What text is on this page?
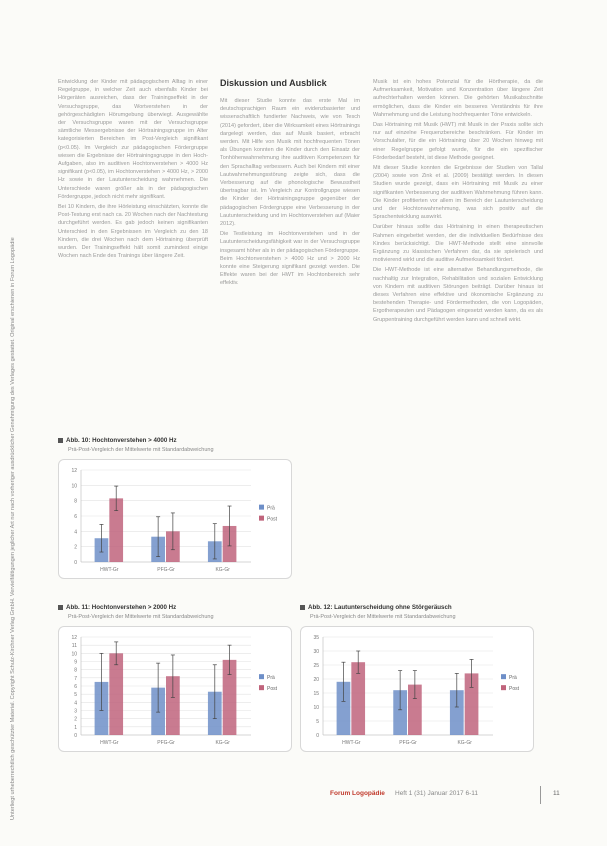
Unterliegt urheberrechtlich geschützter Material. Copyright Schulz-Kirchner Verlag GmbH. Vervielfältigungen jeglicher Art nur nach vorheriger ausdrücklicher Genehmigung des Verlages gestattet. Original erschienen in Forum Logopädie

Entwicklung der Kinder mit pädagogischem Alltag in einer Regelgruppe, in welcher Zeit auch ebenfalls Kinder bei Hörgeräten ausreichen, dass der Trainingseffekt in der Versuchsgruppe, das Wortverstehen in der gehörgeschädigten Hörumgebung überwiegt. Ausgewählte der Versuchsgruppe waren mit der Versuchsgruppe sämtliche Messergebnisse der Hörtrainingsgruppe im Alter kategorisierten Bereichen im Post-Vergleich signifikant (p<0.05). Im Vergleich zur pädagogischen Fördergruppe wiesen die Ergebnisse der Hörtrainingsgruppe in den Hoch-Aufgaben, also im auditiven Hochtonverstehen > 4000 Hz signifikant (p<0.05), im Hochtonverstehen > 4000 Hz, > 2000 Hz sowie in der Lautunterscheidung wahrnehmen. Die Unterschiede waren größer als in der pädagogischen Fördergruppe, jedoch nicht mehr signifikant.

Bei 10 Kindern, die ihre Hörleistung einschätzten, konnte die Post-Testung erst nach ca. 20 Wochen nach der Nachtestung durchgeführt werden. Es gab jedoch keinen signifikanten Unterschied in den Ergebnissen im Vergleich zu den 18 Kindern, die drei Wochen nach dem Hörtraining überprüft wurden. Der Trainingseffekt hält somit zumindest einige Wochen nach Ende des Trainings über längere Zeit.

Diskussion und Ausblick

Mit dieser Studie konnte das erste Mal im deutschsprachigen Raum ein evidenzbasierter und wissenschaftlich fundierter Nachweis, wie von Tesch (2014) gefordert, über die Wirksamkeit eines Hörtrainings dargelegt werden, das auf Musik basiert, erbracht werden. Mit Hilfe von Musik mit hochfrequenten Tönen als Übungen konnten die Kinder durch den Einsatz der Tonhöhenwahrnehmung ihre auditiven Kompetenzen für den Sprachalltag verbessern. Auch bei Kindern mit einer Lautwahrnehmungsstörung zeigte sich, dass die Verbesserung auf die phonologische Bewusstheit übertragbar ist. Im Vergleich zur Kontrollgruppe wiesen die Kinder der Hörtrainingsgruppe gegenüber der pädagogischen Fördergruppe eine Verbesserung in der Lautunterscheidung und im Hochtonverstehen auf (Maier 2012).

Die Testleistung im Hochtonverstehen und in der Lautunterscheidungsfähigkeit war in der Versuchsgruppe insgesamt höher als in der pädagogischen Fördergruppe. Beim Hochtonverstehen > 4000 Hz und > 2000 Hz konnte eine Steigerung signifikant gezeigt werden. Die Effekte waren bei der HWT im Hochtonbereich sehr effektiv.

Musik ist ein hohes Potenzial für die Hörtherapie, da die Aufmerksamkeit, Motivation und Konzentration über längere Zeit aufrechterhalten werden können. Die gehörten Musikabschnitte ermöglichen, dass die Kinder ein besseres Verständnis für ihre Wahrnehmung und die Leistung hochfrequenter Töne entwickeln.

Das Hörtraining mit Musik (HWT) mit Musik in der Praxis sollte sich nur auf einzelne Frequenzbereiche beschränken. Für Kinder im Vorschulalter, für die ein Hörtraining über 20 Wochen hinweg mit einer Regelgruppe gefolgt wurde, für die ein spezifischer Förderbedarf besteht, ist diese Methode geeignet.

Mit dieser Studie konnten die Ergebnisse der Studien von Tallal (2004) sowie von Zink et al. (2009) bestätigt werden. In diesen Studien wurde gezeigt, dass ein Hörtraining mit Musik zu einer signifikanten Verbesserung der auditiven Wahrnehmung führen kann. Die Kinder profitierten vor allem im Bereich der Lautunterscheidung und der Hochtonwahrnehmung, was sich positiv auf die Sprachentwicklung auswirkt.

Darüber hinaus sollte das Hörtraining in einen therapeutischen Rahmen eingebettet werden, der die individuellen Bedürfnisse des Kindes berücksichtigt. Die HWT-Methode stellt eine sinnvolle Ergänzung zu klassischen Verfahren dar, da sie spielerisch und motivierend wirkt und die auditive Aufmerksamkeit fördert.

Die HWT-Methode ist eine alternative Behandlungsmethode, die nachhaltig zur Integration, Rehabilitation und sozialen Entwicklung von Kindern mit auditiven Störungen beiträgt. Darüber hinaus ist dieses Verfahren eine effektive und ökonomische Ergänzung zu bestehenden Therapie- und Fördermethoden, die von Logopäden, Ergotherapeuten und Pädagogen eingesetzt werden kann, da es als Gruppentraining durchgeführt werden kann und schnell wirkt.

Abb. 10: Hochtonverstehen > 4000 Hz
Prä-Post-Vergleich der Mittelwerte mit Standardabweichung
0
2
4
6
8
10
12
HWT-Gr	PFG-Gr	KG-Gr
Prä
Post
Abb. 11: Hochtonverstehen > 2000 Hz
Prä-Post-Vergleich der Mittelwerte mit Standardabweichung
0
1
2
3
4
5
6
7
8
9
10
11
12
HWT-Gr	PFG-Gr	KG-Gr
Prä
Post
Abb. 12: Lautunterscheidung ohne Störgeräusch
Prä-Post-Vergleich der Mittelwerte mit Standardabweichung
0
5
10
15
20
25
30
35
HWT-Gr	PFG-Gr	KG-Gr
Prä
Post
Forum Logopädie Heft 1 (31) Januar 2017 6-11	11
